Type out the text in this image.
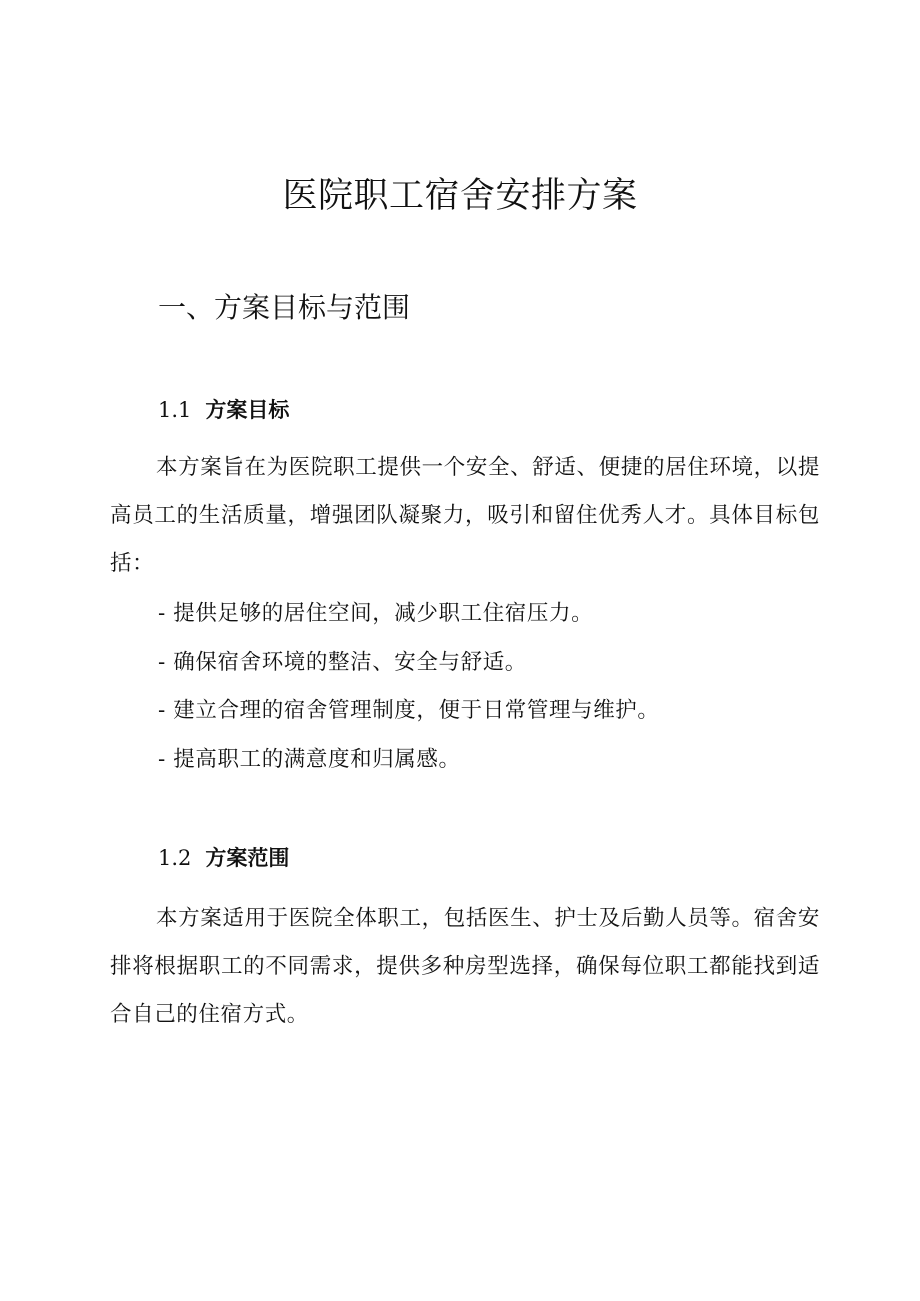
医院职工宿舍安排方案
一、方案目标与范围
1.1 方案目标

本方案旨在为医院职工提供一个安全、舒适、便捷的居住环境，以提高员工的生活质量，增强团队凝聚力，吸引和留住优秀人才。具体目标包括：

- 提供足够的居住空间，减少职工住宿压力。
- 确保宿舍环境的整洁、安全与舒适。
- 建立合理的宿舍管理制度，便于日常管理与维护。
- 提高职工的满意度和归属感。
1.2 方案范围

本方案适用于医院全体职工，包括医生、护士及后勤人员等。宿舍安排将根据职工的不同需求，提供多种房型选择，确保每位职工都能找到适合自己的住宿方式。
